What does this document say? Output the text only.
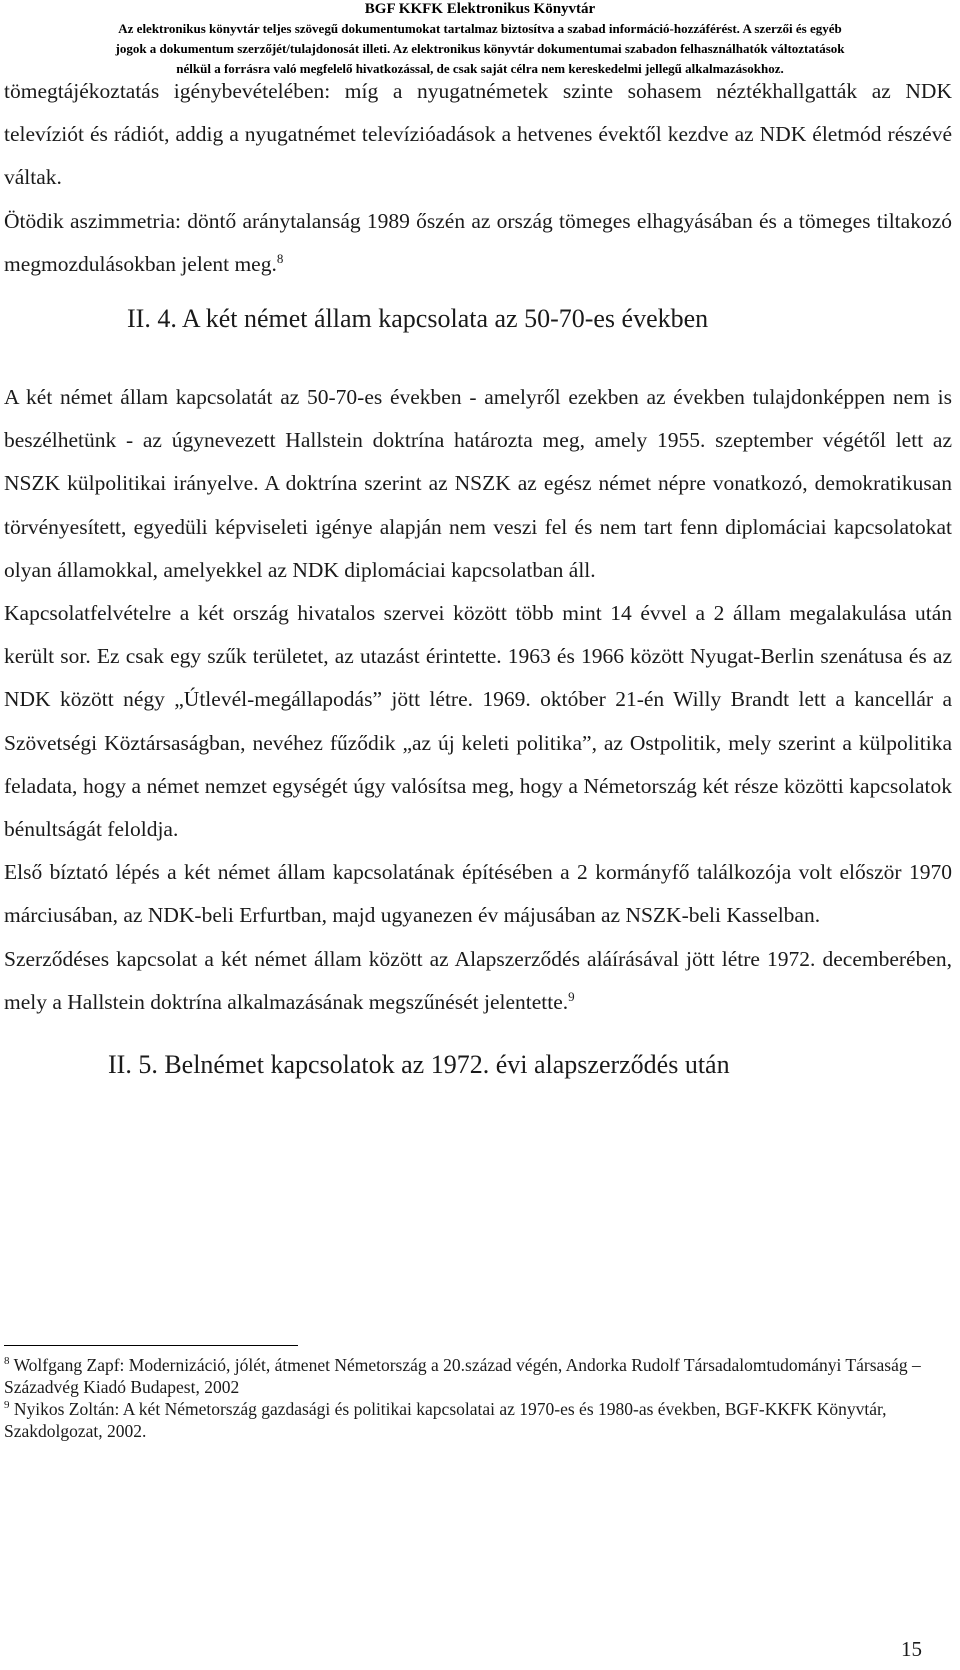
BGF KKFK Elektronikus Könyvtár
Az elektronikus könyvtár teljes szövegű dokumentumokat tartalmaz biztosítva a szabad információ-hozzáférést. A szerzői és egyéb
jogok a dokumentum szerzőjét/tulajdonosát illeti. Az elektronikus könyvtár dokumentumai szabadon felhasználhatók változtatások
nélkül a forrásra való megfelelő hivatkozással, de csak saját célra nem kereskedelmi jellegű alkalmazásokhoz.

tömegtájékoztatás igénybevételében: míg a nyugatnémetek szinte sohasem néztékhallgatták az NDK televíziót és rádiót, addig a nyugatnémet televízióadások a hetvenes évektől kezdve az NDK életmód részévé váltak.

Ötödik aszimmetria: döntő aránytalanság 1989 őszén az ország tömeges elhagyásában és a tömeges tiltakozó megmozdulásokban jelent meg.$^8$

II. 4. A két német állam kapcsolata az 50-70-es években

A két német állam kapcsolatát az 50-70-es években - amelyről ezekben az években tulajdonképpen nem is beszélhetünk - az úgynevezett Hallstein doktrína határozta meg, amely 1955. szeptember végétől lett az NSZK külpolitikai irányelve. A doktrína szerint az NSZK az egész német népre vonatkozó, demokratikusan törvényesített, egyedüli képviseleti igénye alapján nem veszi fel és nem tart fenn diplomáciai kapcsolatokat olyan államokkal, amelyekkel az NDK diplomáciai kapcsolatban áll.

Kapcsolatfelvételre a két ország hivatalos szervei között több mint 14 évvel a 2 állam megalakulása után került sor. Ez csak egy szűk területet, az utazást érintette. 1963 és 1966 között Nyugat-Berlin szenátusa és az NDK között négy „Útlevél-megállapodás” jött létre. 1969. október 21-én Willy Brandt lett a kancellár a Szövetségi Köztársaságban, nevéhez fűződik „az új keleti politika”, az Ostpolitik, mely szerint a külpolitika feladata, hogy a német nemzet egységét úgy valósítsa meg, hogy a Németország két része közötti kapcsolatok bénultságát feloldja.

Első bíztató lépés a két német állam kapcsolatának építésében a 2 kormányfő találkozója volt először 1970 márciusában, az NDK-beli Erfurtban, majd ugyanezen év májusában az NSZK-beli Kasselban.

Szerződéses kapcsolat a két német állam között az Alapszerződés aláírásával jött létre 1972. decemberében, mely a Hallstein doktrína alkalmazásának megszűnését jelentette.$^9$

II. 5. Belnémet kapcsolatok az 1972. évi alapszerződés után

$^8$ Wolfgang Zapf: Modernizáció, jólét, átmenet Németország a 20.század végén, Andorka Rudolf Társadalomtudományi Társaság – Századvég Kiadó Budapest, 2002

$^9$ Nyikos Zoltán: A két Németország gazdasági és politikai kapcsolatai az 1970-es és 1980-as években, BGF-KKFK Könyvtár, Szakdolgozat, 2002.

15
